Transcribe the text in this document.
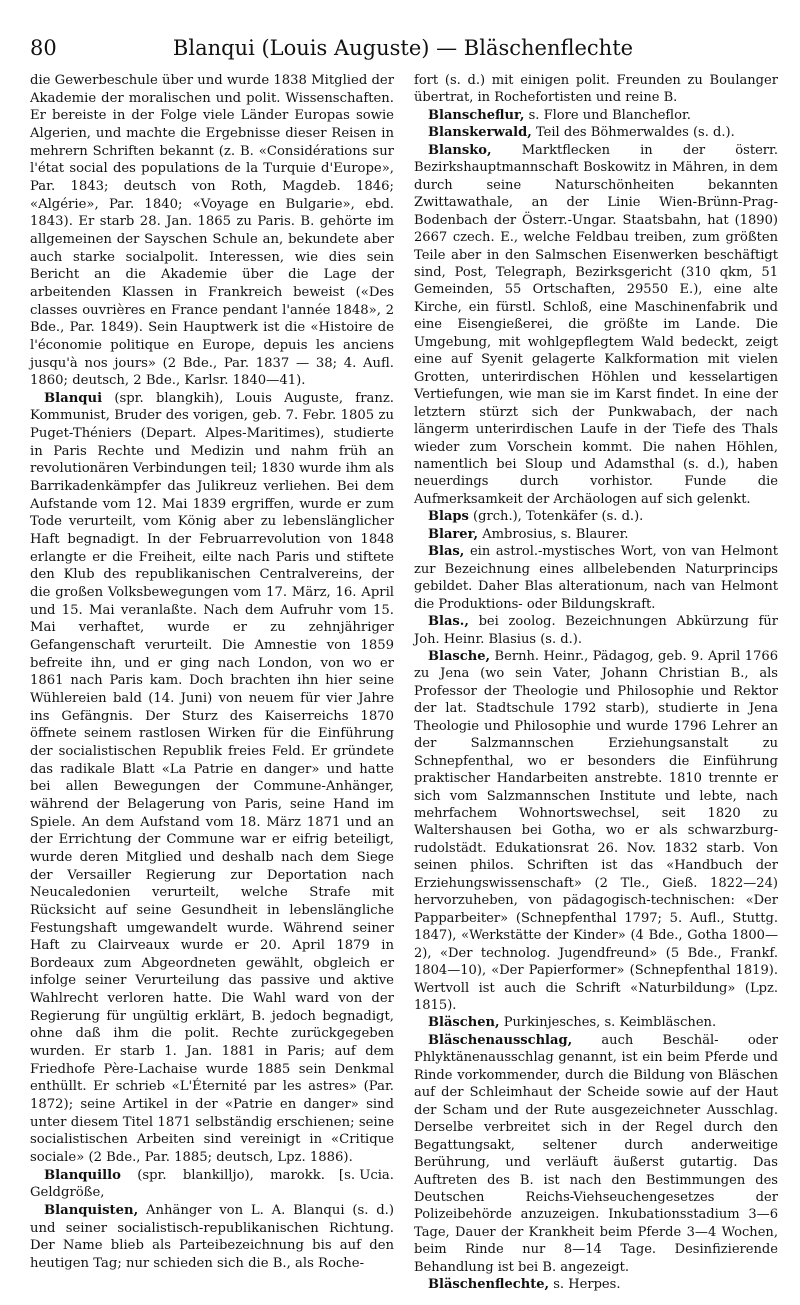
80	Blanqui (Louis Auguste) — Bläschenflechte

die Gewerbeschule über und wurde 1838 Mitglied der Akademie der moralischen und polit. Wissenschaften. Er bereiste in der Folge viele Länder Europas sowie Algerien, und machte die Ergebnisse dieser Reisen in mehrern Schriften bekannt (z. B. «Considérations sur l'état social des populations de la Turquie d'Europe», Par. 1843; deutsch von Roth, Magdeb. 1846; «Algérie», Par. 1840; «Voyage en Bulgarie», ebd. 1843). Er starb 28. Jan. 1865 zu Paris. B. gehörte im allgemeinen der Sayschen Schule an, bekundete aber auch starke socialpolit. Interessen, wie dies sein Bericht an die Akademie über die Lage der arbeitenden Klassen in Frankreich beweist («Des classes ouvrières en France pendant l'année 1848», 2 Bde., Par. 1849). Sein Hauptwerk ist die «Histoire de l'économie politique en Europe, depuis les anciens jusqu'à nos jours» (2 Bde., Par. 1837 — 38; 4. Aufl. 1860; deutsch, 2 Bde., Karlsr. 1840—41).

Blanqui (spr. blangkih), Louis Auguste, franz. Kommunist, Bruder des vorigen, geb. 7. Febr. 1805 zu Puget-Théniers (Depart. Alpes-Maritimes), studierte in Paris Rechte und Medizin und nahm früh an revolutionären Verbindungen teil; 1830 wurde ihm als Barrikadenkämpfer das Julikreuz verliehen. Bei dem Aufstande vom 12. Mai 1839 ergriffen, wurde er zum Tode verurteilt, vom König aber zu lebenslänglicher Haft begnadigt. In der Februarrevolution von 1848 erlangte er die Freiheit, eilte nach Paris und stiftete den Klub des republikanischen Centralvereins, der die großen Volksbewegungen vom 17. März, 16. April und 15. Mai veranlaßte. Nach dem Aufruhr vom 15. Mai verhaftet, wurde er zu zehnjähriger Gefangenschaft verurteilt. Die Amnestie von 1859 befreite ihn, und er ging nach London, von wo er 1861 nach Paris kam. Doch brachten ihn hier seine Wühlereien bald (14. Juni) von neuem für vier Jahre ins Gefängnis. Der Sturz des Kaiserreichs 1870 öffnete seinem rastlosen Wirken für die Einführung der socialistischen Republik freies Feld. Er gründete das radikale Blatt «La Patrie en danger» und hatte bei allen Bewegungen der Commune-Anhänger, während der Belagerung von Paris, seine Hand im Spiele. An dem Aufstand vom 18. März 1871 und an der Errichtung der Commune war er eifrig beteiligt, wurde deren Mitglied und deshalb nach dem Siege der Versailler Regierung zur Deportation nach Neucaledonien verurteilt, welche Strafe mit Rücksicht auf seine Gesundheit in lebenslängliche Festungshaft umgewandelt wurde. Während seiner Haft zu Clairveaux wurde er 20. April 1879 in Bordeaux zum Abgeordneten gewählt, obgleich er infolge seiner Verurteilung das passive und aktive Wahlrecht verloren hatte. Die Wahl ward von der Regierung für ungültig erklärt, B. jedoch begnadigt, ohne daß ihm die polit. Rechte zurückgegeben wurden. Er starb 1. Jan. 1881 in Paris; auf dem Friedhofe Père-Lachaise wurde 1885 sein Denkmal enthüllt. Er schrieb «L'Éternité par les astres» (Par. 1872); seine Artikel in der «Patrie en danger» sind unter diesem Titel 1871 selbständig erschienen; seine socialistischen Arbeiten sind vereinigt in «Critique sociale» (2 Bde., Par. 1885; deutsch, Lpz. 1886).
[s. Ucia.

Blanquillo (spr. blankilljo), marokk. Geldgröße,

Blanquisten, Anhänger von L. A. Blanqui (s. d.) und seiner socialistisch-republikanischen Richtung. Der Name blieb als Parteibezeichnung bis auf den heutigen Tag; nur schieden sich die B., als Roche-

fort (s. d.) mit einigen polit. Freunden zu Boulanger übertrat, in Rochefortisten und reine B.

Blanscheflur, s. Flore und Blancheflor.

Blanskerwald, Teil des Böhmerwaldes (s. d.).

Blansko, Marktflecken in der österr. Bezirkshauptmannschaft Boskowitz in Mähren, in dem durch seine Naturschönheiten bekannten Zwittawathale, an der Linie Wien-Brünn-Prag-Bodenbach der Österr.-Ungar. Staatsbahn, hat (1890) 2667 czech. E., welche Feldbau treiben, zum größten Teile aber in den Salmschen Eisenwerken beschäftigt sind, Post, Telegraph, Bezirksgericht (310 qkm, 51 Gemeinden, 55 Ortschaften, 29550 E.), eine alte Kirche, ein fürstl. Schloß, eine Maschinenfabrik und eine Eisengießerei, die größte im Lande. Die Umgebung, mit wohlgepflegtem Wald bedeckt, zeigt eine auf Syenit gelagerte Kalkformation mit vielen Grotten, unterirdischen Höhlen und kesselartigen Vertiefungen, wie man sie im Karst findet. In eine der letztern stürzt sich der Punkwabach, der nach längerm unterirdischen Laufe in der Tiefe des Thals wieder zum Vorschein kommt. Die nahen Höhlen, namentlich bei Sloup und Adamsthal (s. d.), haben neuerdings durch vorhistor. Funde die Aufmerksamkeit der Archäologen auf sich gelenkt.

Blaps (grch.), Totenkäfer (s. d.).

Blarer, Ambrosius, s. Blaurer.

Blas, ein astrol.-mystisches Wort, von van Helmont zur Bezeichnung eines allbelebenden Naturprincips gebildet. Daher Blas alterationum, nach van Helmont die Produktions- oder Bildungskraft.

Blas., bei zoolog. Bezeichnungen Abkürzung für Joh. Heinr. Blasius (s. d.).

Blasche, Bernh. Heinr., Pädagog, geb. 9. April 1766 zu Jena (wo sein Vater, Johann Christian B., als Professor der Theologie und Philosophie und Rektor der lat. Stadtschule 1792 starb), studierte in Jena Theologie und Philosophie und wurde 1796 Lehrer an der Salzmannschen Erziehungsanstalt zu Schnepfenthal, wo er besonders die Einführung praktischer Handarbeiten anstrebte. 1810 trennte er sich vom Salzmannschen Institute und lebte, nach mehrfachem Wohnortswechsel, seit 1820 zu Waltershausen bei Gotha, wo er als schwarzburg-rudolstädt. Edukationsrat 26. Nov. 1832 starb. Von seinen philos. Schriften ist das «Handbuch der Erziehungswissenschaft» (2 Tle., Gieß. 1822—24) hervorzuheben, von pädagogisch-technischen: «Der Papparbeiter» (Schnepfenthal 1797; 5. Aufl., Stuttg. 1847), «Werkstätte der Kinder» (4 Bde., Gotha 1800—2), «Der technolog. Jugendfreund» (5 Bde., Frankf. 1804—10), «Der Papierformer» (Schnepfenthal 1819). Wertvoll ist auch die Schrift «Naturbildung» (Lpz. 1815).

Bläschen, Purkinjesches, s. Keimbläschen.

Bläschenausschlag, auch Beschäl- oder Phlyktänenausschlag genannt, ist ein beim Pferde und Rinde vorkommender, durch die Bildung von Bläschen auf der Schleimhaut der Scheide sowie auf der Haut der Scham und der Rute ausgezeichneter Ausschlag. Derselbe verbreitet sich in der Regel durch den Begattungsakt, seltener durch anderweitige Berührung, und verläuft äußerst gutartig. Das Auftreten des B. ist nach den Bestimmungen des Deutschen Reichs-Viehseuchengesetzes der Polizeibehörde anzuzeigen. Inkubationsstadium 3—6 Tage, Dauer der Krankheit beim Pferde 3—4 Wochen, beim Rinde nur 8—14 Tage. Desinfizierende Behandlung ist bei B. angezeigt.

Bläschenflechte, s. Herpes.
